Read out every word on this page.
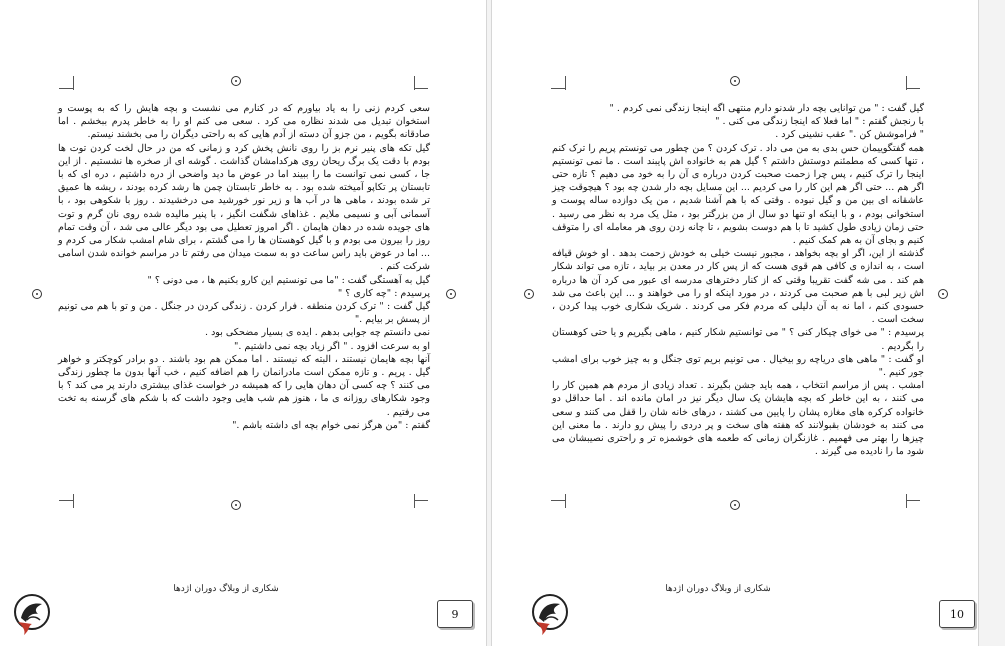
سعی کردم زنی را به یاد بیاورم که در کنارم می نشست و بچه هایش را که به پوست و استخوان تبدیل می شدند نظاره می کرد . سعی می کنم او را به خاطر پدرم ببخشم . اما صادقانه بگویم ، من جزو آن دسته از آدم هایی که به راحتی دیگران را می بخشند نیستم.

گیل تکه های پنیر نرم بز را روی نانش پخش کرد و زمانی که من در حال لخت کردن توت ها بودم با دقت یک برگ ریحان روی هرکدامشان گذاشت . گوشه ای از صخره ها نشستیم . از این جا ، کسی نمی توانست ما را ببیند اما در عوض ما دید واضحی از دره داشتیم ، دره ای که با تابستان پر تکاپو آمیخته شده بود . به خاطر تابستان چمن ها رشد کرده بودند ، ریشه ها عمیق تر شده بودند ، ماهی ها در آب ها و زیر نور خورشید می درخشیدند . روز با شکوهی بود ، با آسمانی آبی و نسیمی ملایم . غذاهای شگفت انگیز ، با پنیر مالیده شده روی نان گرم و توت های جویده شده در دهان هایمان . اگر امروز تعطیل می بود دیگر عالی می شد ، آن وقت تمام روز را بیرون می بودم و با گیل کوهستان ها را می گشتم ، برای شام امشب شکار می کردم و ... اما در عوض باید راس ساعت دو به سمت میدان می رفتم تا در مراسم خوانده شدن اسامی شرکت کنم .

گیل به آهستگی گفت : "ما می تونستیم این کارو بکنیم ها ، می دونی ؟ "

پرسیدم : "چه کاری ؟ "

گیل گفت : " ترک کردن منطقه . فرار کردن . زندگی کردن در جنگل . من و تو با هم می تونیم از پسش بر بیایم ."

نمی دانستم چه جوابی بدهم . ایده ی بسیار مضحکی بود .

او به سرعت افزود . " اگر زیاد بچه نمی داشتیم ."

آنها بچه هایمان نیستند ، البته که نیستند . اما ممکن هم بود باشند . دو برادر کوچکتر و خواهر گیل . پریم . و تازه ممکن است مادرانمان را هم اضافه کنیم ، خب آنها بدون ما چطور زندگی می کنند ؟ چه کسی آن دهان هایی را که همیشه در خواست غذای بیشتری دارند پر می کند ؟ با وجود شکارهای روزانه ی ما ، هنوز هم شب هایی وجود داشت که با شکم های گرسنه به تخت می رفتیم .

گفتم : "من هرگز نمی خوام بچه ای داشته باشم ."

شکاری از وبلاگ دوران اژدها
9

گیل گفت : " من توانایی بچه دار شدنو دارم منتهی اگه اینجا زندگی نمی کردم . "

با رنجش گفتم : " اما فعلا که اینجا زندگی می کنی . "

" فراموشش کن ." عقب نشینی کرد .

همه گفتگوییمان حس بدی به من می داد . ترک کردن ؟ من چطور می تونستم پریم را ترک کنم ، تنها کسی که مطمئنم دوستش داشتم ؟ گیل هم به خانواده اش پایبند است . ما نمی تونستیم اینجا را ترک کنیم ، پس چرا زحمت صحبت کردن درباره ی آن را به خود می دهیم ؟ تازه حتی اگر هم ... حتی اگر هم این کار را می کردیم ... این مسایل بچه دار شدن چه بود ؟ هیچوقت چیز عاشقانه ای بین من و گیل نبوده . وقتی که با هم آشنا شدیم ، من یک دوازده ساله پوست و استخوانی بودم ، و با اینکه او تنها دو سال از من بزرگتر بود ، مثل یک مرد به نظر می رسید . حتی زمان زیادی طول کشید تا با هم دوست بشویم ، تا چانه زدن روی هر معامله ای را متوقف کنیم و بجای آن به هم کمک کنیم .

گذشته از این، اگر او بچه بخواهد ، مجبور نیست خیلی به خودش زحمت بدهد . او خوش قیافه است ، به اندازه ی کافی هم قوی هست که از پس کار در معدن بر بیاید ، تازه می تواند شکار هم کند . می شه گفت تقریبا وقتی که از کنار دخترهای مدرسه ای عبور می کرد آن ها درباره اش زیر لبی با هم صحبت می کردند ، در مورد اینکه او را می خواهند و ... این باعث می شد حسودی کنم ، اما نه به آن دلیلی که مردم فکر می کردند . شریک شکاری خوب پیدا کردن ، سخت است .

پرسیدم : " می خوای چیکار کنی ؟ " می توانستیم شکار کنیم ، ماهی بگیریم و یا حتی کوهستان را بگردیم .

او گفت : " ماهی های دریاچه رو بیخیال . می تونیم بریم توی جنگل و به چیز خوب برای امشب جور کنیم ."

امشب . پس از مراسم انتخاب ، همه باید جشن بگیرند . تعداد زیادی از مردم هم همین کار را می کنند ، به این خاطر که بچه هایشان یک سال دیگر نیز در امان مانده اند . اما حداقل دو خانواده کرکره های مغازه پشان را پایین می کشند ، درهای خانه شان را قفل می کنند و سعی می کنند به خودشان بقبولانند که هفته های سخت و پر دردی را پیش رو دارند . ما معنی این چیزها را بهتر می فهمیم . غازنگران زمانی که طعمه های خوشمزه تر و راحتری نصیبشان می شود ما را نادیده می گیرند .

شکاری از وبلاگ دوران اژدها
10
